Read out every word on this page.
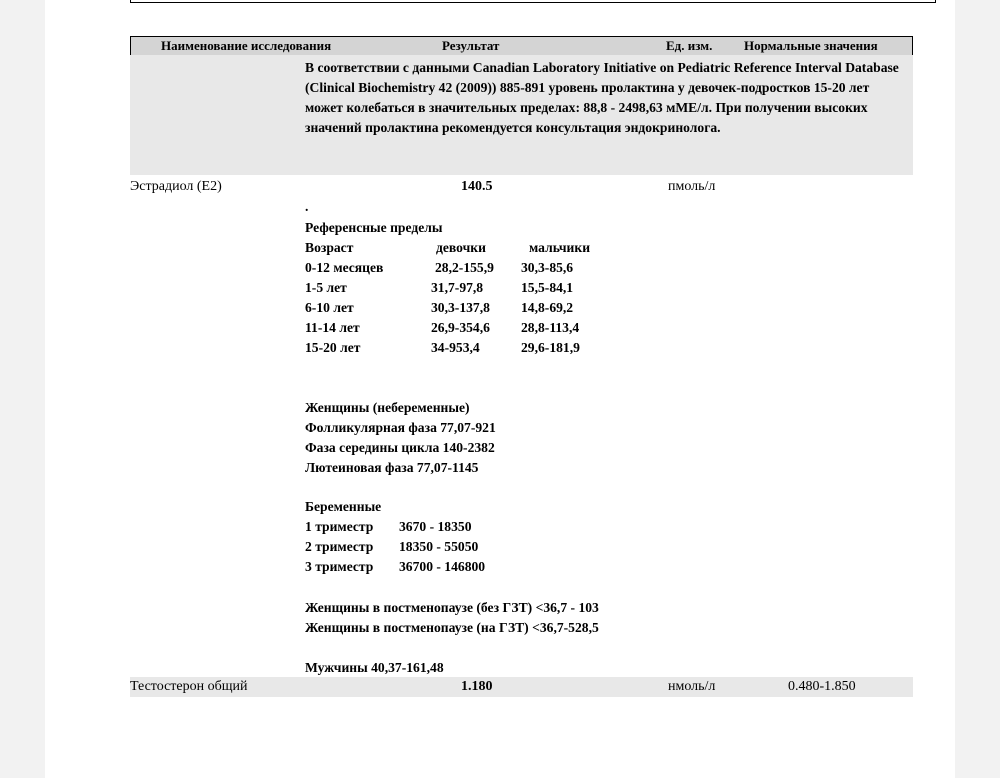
Наименование исследования	Результат	Ед. изм. Нормальные значения

В соответствии с данными Canadian Laboratory Initiative on Pediatric Reference Interval Database (Clinical Biochemistry 42 (2009)) 885-891 уровень пролактина у девочек-подростков 15-20 лет может колебаться в значительных пределах: 88,8 - 2498,63 мМЕ/л. При получении высоких значений пролактина рекомендуется консультация эндокринолога.

Эстрадиол (Е2)	140.5	пмоль/л

.

Референсные пределы

Возраст	девочки	мальчики
0-12 месяцев	28,2-155,9 30,3-85,6
1-5 лет	31,7-97,8	15,5-84,1
6-10 лет	30,3-137,8 14,8-69,2
11-14 лет	26,9-354,6 28,8-113,4
15-20 лет	34-953,4	29,6-181,9

Женщины (небеременные)

Фолликулярная фаза 77,07-921

Фаза середины цикла 140-2382

Лютеиновая фаза 77,07-1145

Беременные

1 триместр 3670 - 18350
2 триместр 18350 - 55050
3 триместр 36700 - 146800

Женщины в постменопаузе (без ГЗТ) <36,7 - 103

Женщины в постменопаузе (на ГЗТ) <36,7-528,5

Мужчины 40,37-161,48

Тестостерон общий	1.180	нмоль/л	0.480-1.850
